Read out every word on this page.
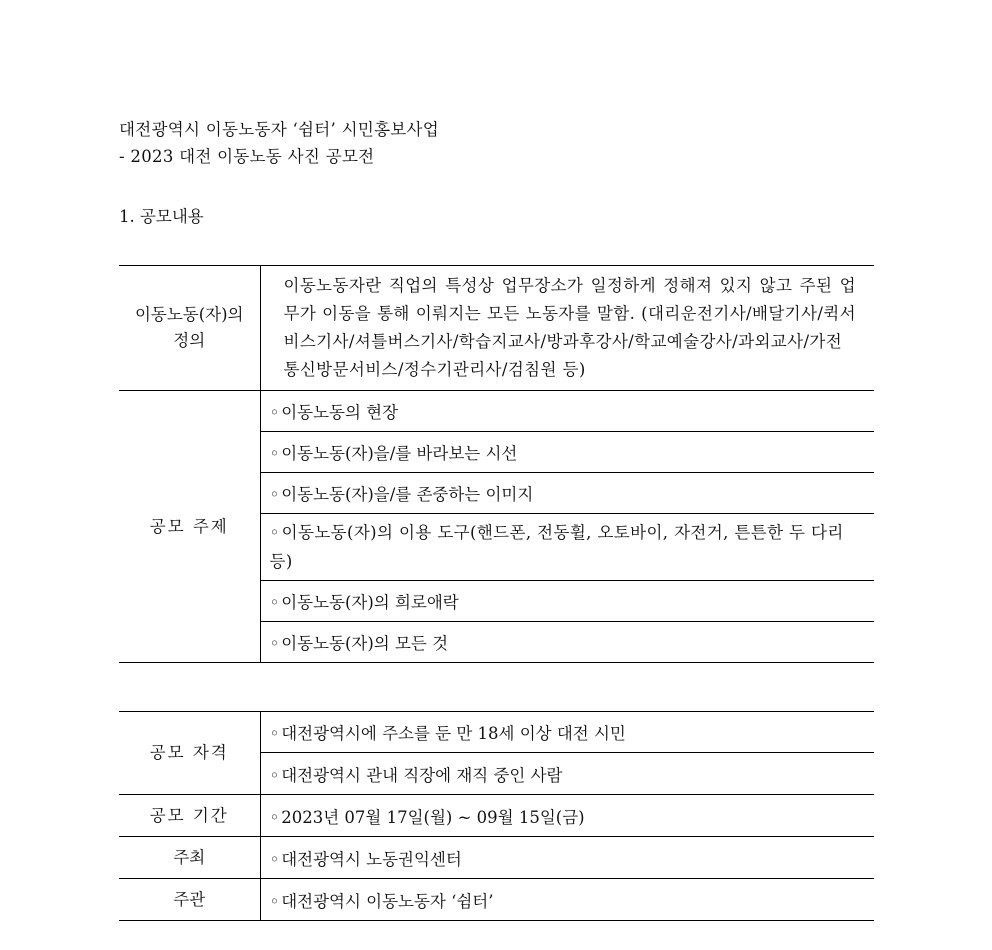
대전광역시 이동노동자 ‘쉼터’ 시민홍보사업
- 2023 대전 이동노동 사진 공모전
1. 공모내용
이동노동(자)의
정의	이동노동자란 직업의 특성상 업무장소가 일정하게 정해져 있지 않고 주된 업무가 이동을 통해 이뤄지는 모든 노동자를 말함. (대리운전기사/배달기사/퀵서비스기사/셔틀버스기사/학습지교사/방과후강사/학교예술강사/과외교사/가전통신방문서비스/정수기관리사/검침원 등)
공모 주제	◦ 이동노동의 현장
	◦ 이동노동(자)을/를 바라보는 시선
	◦ 이동노동(자)을/를 존중하는 이미지
	◦ 이동노동(자)의 이용 도구(핸드폰, 전동휠, 오토바이, 자전거, 튼튼한 두 다리 등)
	◦ 이동노동(자)의 희로애락
	◦ 이동노동(자)의 모든 것
공모 자격	◦ 대전광역시에 주소를 둔 만 18세 이상 대전 시민
	◦ 대전광역시 관내 직장에 재직 중인 사람
공모 기간	◦ 2023년 07월 17일(월) ~ 09월 15일(금)
주최	◦ 대전광역시 노동권익센터
주관	◦ 대전광역시 이동노동자 ‘쉼터’
